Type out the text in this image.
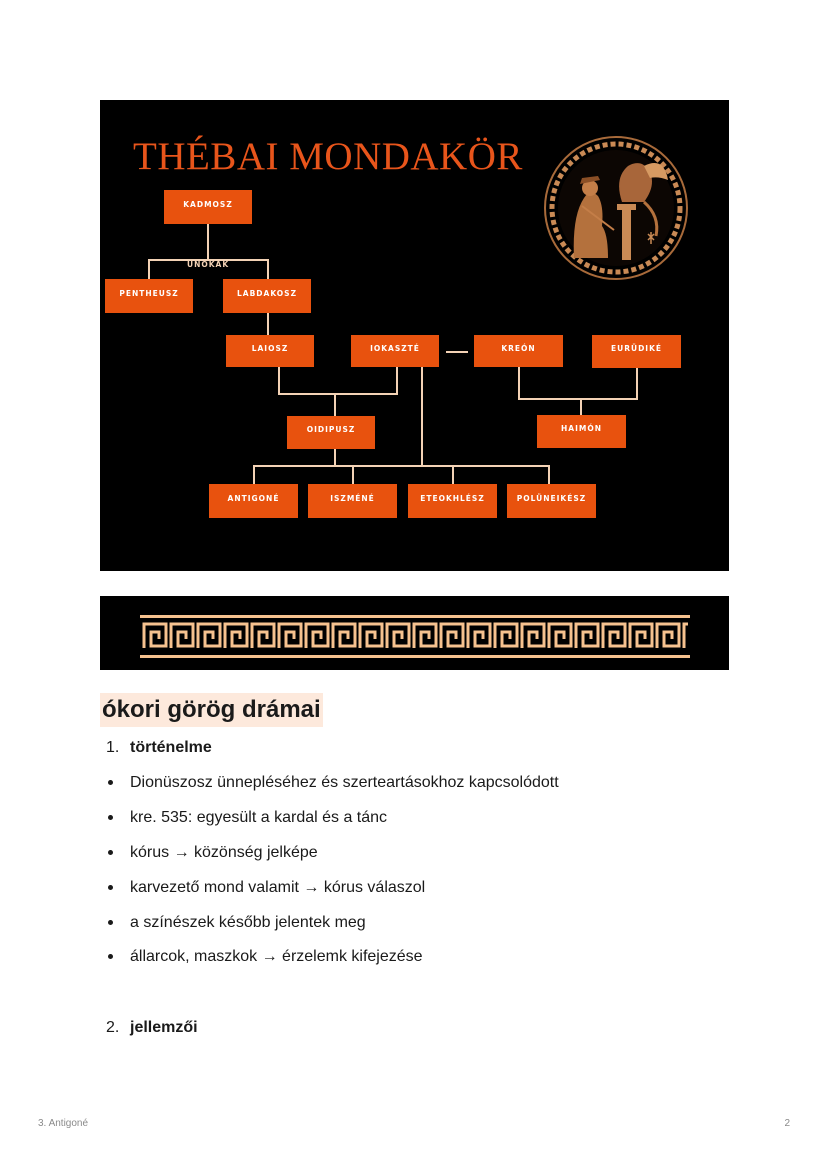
THÉBAI MONDAKÖR
UNOKÁK
KADMOSZ
PENTHEUSZ	LABDAKOSZ
LAIOSZ	IOKASZTÉ	KREÓN	EURÜDIKÉ
OIDIPUSZ	HAIMÓN
ANTIGONÉ	ISZMÉNÉ	ETEOKHLÉSZ	POLÜNEIKÉSZ
ókori görög drámai
1. történelme
Dionüszosz ünnepléséhez és szerteartásokhoz kapcsolódott
kre. 535: egyesült a kardal és a tánc
kórus → közönség jelképe
karvezető mond valamit → kórus válaszol
a színészek később jelentek meg
állarcok, maszkok → érzelemk kifejezése
2. jellemzői
3. Antigoné	2
